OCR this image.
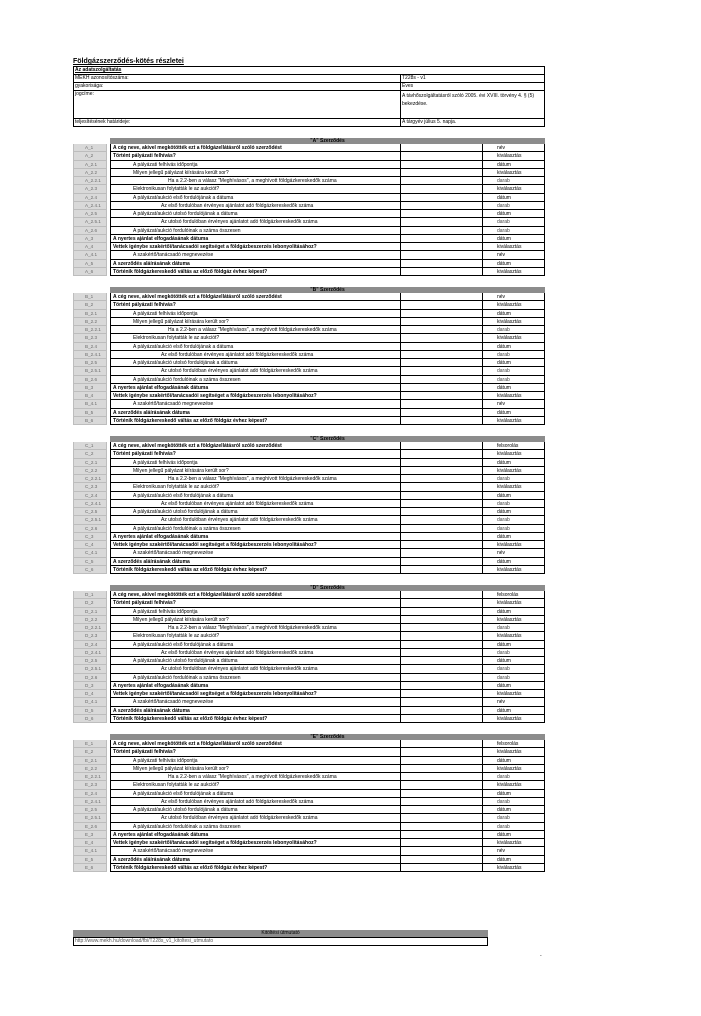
Földgázszerződés-kötés részletei
Az adatszolgáltatás	
MEKH azonosítószáma:	T228s - v1
gyakorisága:	Éves
jogcíme:	A távhőszolgáltatásról szóló 2005. évi XVIII. törvény 4. § (5) bekezdése.
teljesítésének határideje:	A tárgyév július 5. napja.
"A" Szerződés
A_1	A cég neve, akivel megkötötték ezt a földgázellátásról szóló szerződést	név
A_2	Történt pályázati felhívás?	kiválasztás
A_2.1	A pályázati felhívás időpontja	dátum
A_2.2	Milyen jellegű pályázat kiírására került sor?	kiválasztás
A_2.2.1	Ha a 2.2-ben a válasz "Meghívásos", a meghívott földgázkereskedők száma	darab
A_2.3	Elektronikusan folytatták le az aukciót?	kiválasztás
A_2.4	A pályázat/aukció első fordulójának a dátuma	dátum
A_2.4.1	Az első fordulóban érvényes ajánlatot adó földgázkereskedők száma	darab
A_2.5	A pályázat/aukció utolsó fordulójának a dátuma	dátum
A_2.5.1	Az utolsó fordulóban érvényes ajánlatot adó földgázkereskedők száma	darab
A_2.6	A pályázat/aukció fordulóinak a száma összesen	darab
A_3	A nyertes ajánlat elfogadásának dátuma	dátum
A_4	Vettek igénybe szakértői/tanácsadói segítséget a földgázbeszerzés lebonyolításához?	kiválasztás
A_4.1	A szakértő/tanácsadó megnevezése	név
A_5	A szerződés aláírásának dátuma	dátum
A_6	Történik földgázkereskedő váltás az előző földgáz évhez képest?	kiválasztás
"B" Szerződés
B_1	A cég neve, akivel megkötötték ezt a földgázellátásról szóló szerződést	név
B_2	Történt pályázati felhívás?	kiválasztás
B_2.1	A pályázati felhívás időpontja	dátum
B_2.2	Milyen jellegű pályázat kiírására került sor?	kiválasztás
B_2.2.1	Ha a 2.2-ben a válasz "Meghívásos", a meghívott földgázkereskedők száma	darab
B_2.3	Elektronikusan folytatták le az aukciót?	kiválasztás
B_2.4	A pályázat/aukció első fordulójának a dátuma	dátum
B_2.4.1	Az első fordulóban érvényes ajánlatot adó földgázkereskedők száma	darab
B_2.5	A pályázat/aukció utolsó fordulójának a dátuma	dátum
B_2.5.1	Az utolsó fordulóban érvényes ajánlatot adó földgázkereskedők száma	darab
B_2.6	A pályázat/aukció fordulóinak a száma összesen	darab
B_3	A nyertes ajánlat elfogadásának dátuma	dátum
B_4	Vettek igénybe szakértői/tanácsadói segítséget a földgázbeszerzés lebonyolításához?	kiválasztás
B_4.1	A szakértő/tanácsadó megnevezése	név
B_5	A szerződés aláírásának dátuma	dátum
B_6	Történik földgázkereskedő váltás az előző földgáz évhez képest?	kiválasztás
"C" Szerződés
C_1	A cég neve, akivel megkötötték ezt a földgázellátásról szóló szerződést	felsorolás
C_2	Történt pályázati felhívás?	kiválasztás
C_2.1	A pályázati felhívás időpontja	dátum
C_2.2	Milyen jellegű pályázat kiírására került sor?	kiválasztás
C_2.2.1	Ha a 2.2-ben a válasz "Meghívásos", a meghívott földgázkereskedők száma	darab
C_2.3	Elektronikusan folytatták le az aukciót?	kiválasztás
C_2.4	A pályázat/aukció első fordulójának a dátuma	dátum
C_2.4.1	Az első fordulóban érvényes ajánlatot adó földgázkereskedők száma	darab
C_2.5	A pályázat/aukció utolsó fordulójának a dátuma	dátum
C_2.5.1	Az utolsó fordulóban érvényes ajánlatot adó földgázkereskedők száma	darab
C_2.6	A pályázat/aukció fordulóinak a száma összesen	darab
C_3	A nyertes ajánlat elfogadásának dátuma	dátum
C_4	Vettek igénybe szakértői/tanácsadói segítséget a földgázbeszerzés lebonyolításához?	kiválasztás
C_4.1	A szakértő/tanácsadó megnevezése	név
C_5	A szerződés aláírásának dátuma	dátum
C_6	Történik földgázkereskedő váltás az előző földgáz évhez képest?	kiválasztás
"D" Szerződés
D_1	A cég neve, akivel megkötötték ezt a földgázellátásról szóló szerződést	felsorolás
D_2	Történt pályázati felhívás?	kiválasztás
D_2.1	A pályázati felhívás időpontja	dátum
D_2.2	Milyen jellegű pályázat kiírására került sor?	kiválasztás
D_2.2.1	Ha a 2.2-ben a válasz "Meghívásos", a meghívott földgázkereskedők száma	darab
D_2.3	Elektronikusan folytatták le az aukciót?	kiválasztás
D_2.4	A pályázat/aukció első fordulójának a dátuma	dátum
D_2.4.1	Az első fordulóban érvényes ajánlatot adó földgázkereskedők száma	darab
D_2.5	A pályázat/aukció utolsó fordulójának a dátuma	dátum
D_2.5.1	Az utolsó fordulóban érvényes ajánlatot adó földgázkereskedők száma	darab
D_2.6	A pályázat/aukció fordulóinak a száma összesen	darab
D_3	A nyertes ajánlat elfogadásának dátuma	dátum
D_4	Vettek igénybe szakértői/tanácsadói segítséget a földgázbeszerzés lebonyolításához?	kiválasztás
D_4.1	A szakértő/tanácsadó megnevezése	név
D_5	A szerződés aláírásának dátuma	dátum
D_6	Történik földgázkereskedő váltás az előző földgáz évhez képest?	kiválasztás
"E" Szerződés
E_1	A cég neve, akivel megkötötték ezt a földgázellátásról szóló szerződést	felsorolás
E_2	Történt pályázati felhívás?	kiválasztás
E_2.1	A pályázati felhívás időpontja	dátum
E_2.2	Milyen jellegű pályázat kiírására került sor?	kiválasztás
E_2.2.1	Ha a 2.2-ben a válasz "Meghívásos", a meghívott földgázkereskedők száma	darab
E_2.3	Elektronikusan folytatták le az aukciót?	kiválasztás
E_2.4	A pályázat/aukció első fordulójának a dátuma	dátum
E_2.4.1	Az első fordulóban érvényes ajánlatot adó földgázkereskedők száma	darab
E_2.5	A pályázat/aukció utolsó fordulójának a dátuma	dátum
E_2.5.1	Az utolsó fordulóban érvényes ajánlatot adó földgázkereskedők száma	darab
E_2.6	A pályázat/aukció fordulóinak a száma összesen	darab
E_3	A nyertes ajánlat elfogadásának dátuma	dátum
E_4	Vettek igénybe szakértői/tanácsadói segítséget a földgázbeszerzés lebonyolításához?	kiválasztás
E_4.1	A szakértő/tanácsadó megnevezése	név
E_5	A szerződés aláírásának dátuma	dátum
E_6	Történik földgázkereskedő váltás az előző földgáz évhez képest?	kiválasztás
Kitöltési útmutató
http://www.mekh.hu/download/fbi/T228s_v1_kitoltesi_utmutato
-
